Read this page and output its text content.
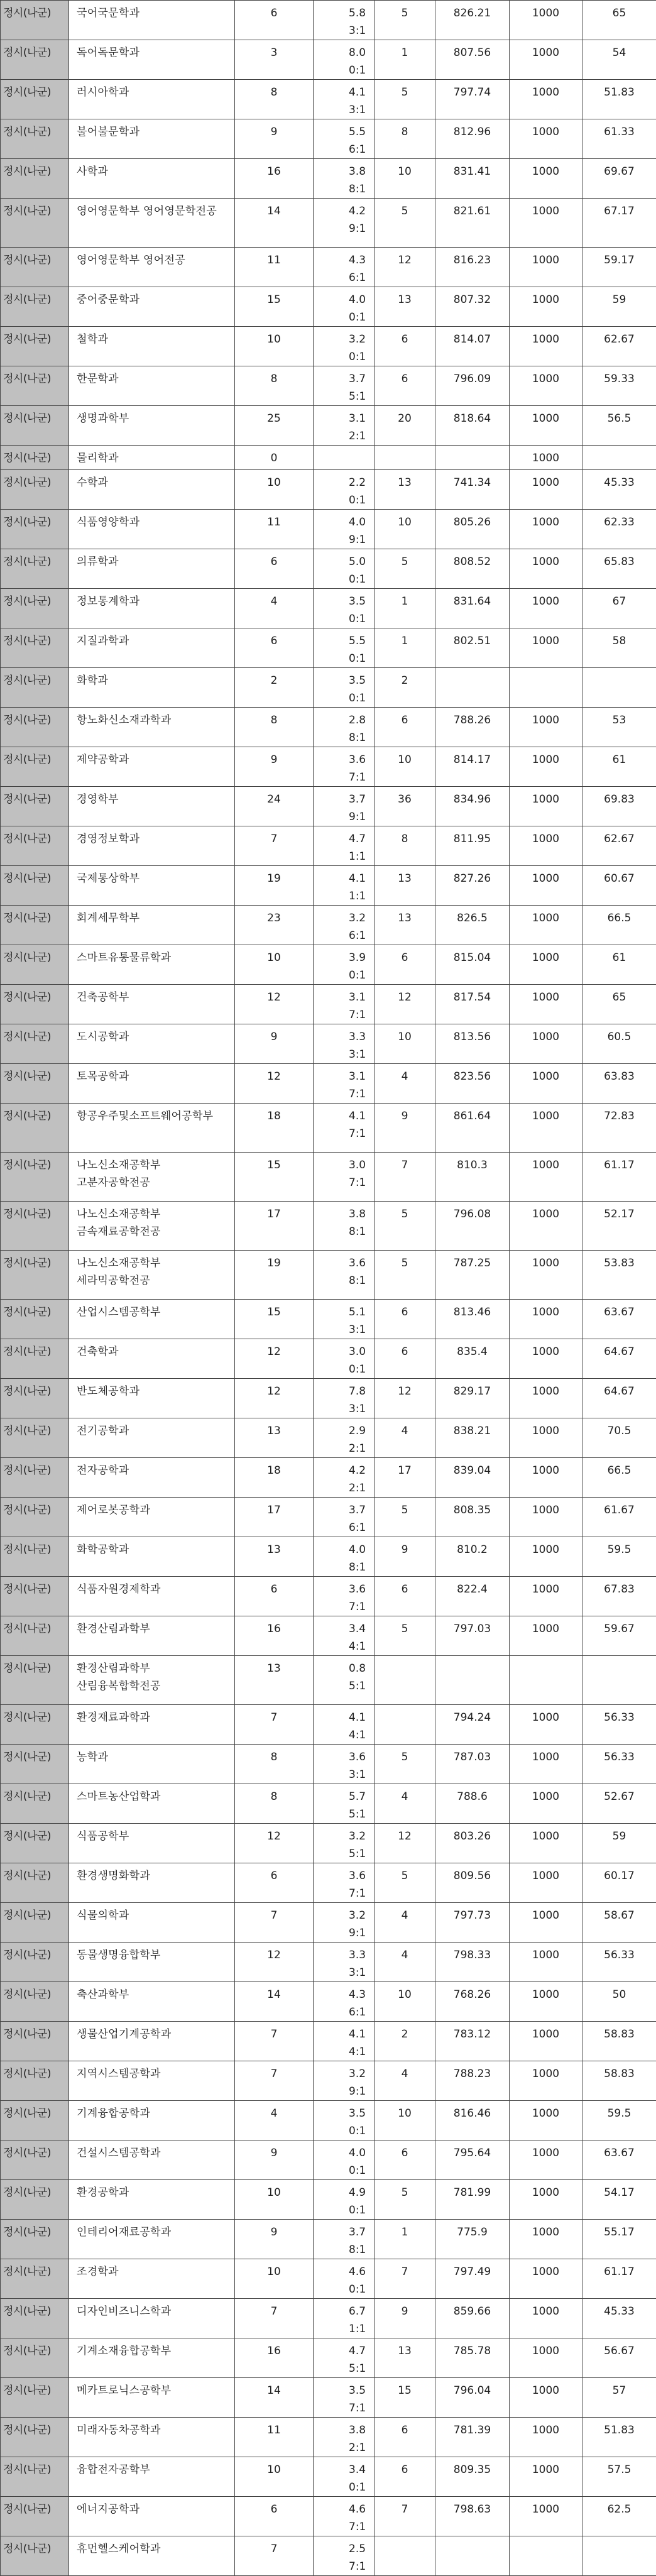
정시(나군)	국어국문학과	6	5.83:1	5	826.21	1000	65
정시(나군)	독어독문학과	3	8.00:1	1	807.56	1000	54
정시(나군)	러시아학과	8	4.13:1	5	797.74	1000	51.83
정시(나군)	불어불문학과	9	5.56:1	8	812.96	1000	61.33
정시(나군)	사학과	16	3.88:1	10	831.41	1000	69.67
정시(나군)	영어영문학부 영어영문학전공	14	4.29:1	5	821.61	1000	67.17
정시(나군)	영어영문학부 영어전공	11	4.36:1	12	816.23	1000	59.17
정시(나군)	중어중문학과	15	4.00:1	13	807.32	1000	59
정시(나군)	철학과	10	3.20:1	6	814.07	1000	62.67
정시(나군)	한문학과	8	3.75:1	6	796.09	1000	59.33
정시(나군)	생명과학부	25	3.12:1	20	818.64	1000	56.5
정시(나군)	물리학과	0				1000	
정시(나군)	수학과	10	2.20:1	13	741.34	1000	45.33
정시(나군)	식품영양학과	11	4.09:1	10	805.26	1000	62.33
정시(나군)	의류학과	6	5.00:1	5	808.52	1000	65.83
정시(나군)	정보통계학과	4	3.50:1	1	831.64	1000	67
정시(나군)	지질과학과	6	5.50:1	1	802.51	1000	58
정시(나군)	화학과	2	3.50:1	2			
정시(나군)	항노화신소재과학과	8	2.88:1	6	788.26	1000	53
정시(나군)	제약공학과	9	3.67:1	10	814.17	1000	61
정시(나군)	경영학부	24	3.79:1	36	834.96	1000	69.83
정시(나군)	경영정보학과	7	4.71:1	8	811.95	1000	62.67
정시(나군)	국제통상학부	19	4.11:1	13	827.26	1000	60.67
정시(나군)	회계세무학부	23	3.26:1	13	826.5	1000	66.5
정시(나군)	스마트유통물류학과	10	3.90:1	6	815.04	1000	61
정시(나군)	건축공학부	12	3.17:1	12	817.54	1000	65
정시(나군)	도시공학과	9	3.33:1	10	813.56	1000	60.5
정시(나군)	토목공학과	12	3.17:1	4	823.56	1000	63.83
정시(나군)	항공우주및소프트웨어공학부	18	4.17:1	9	861.64	1000	72.83
정시(나군)	나노신소재공학부 고분자공학전공	15	3.07:1	7	810.3	1000	61.17
정시(나군)	나노신소재공학부 금속재료공학전공	17	3.88:1	5	796.08	1000	52.17
정시(나군)	나노신소재공학부 세라믹공학전공	19	3.68:1	5	787.25	1000	53.83
정시(나군)	산업시스템공학부	15	5.13:1	6	813.46	1000	63.67
정시(나군)	건축학과	12	3.00:1	6	835.4	1000	64.67
정시(나군)	반도체공학과	12	7.83:1	12	829.17	1000	64.67
정시(나군)	전기공학과	13	2.92:1	4	838.21	1000	70.5
정시(나군)	전자공학과	18	4.22:1	17	839.04	1000	66.5
정시(나군)	제어로봇공학과	17	3.76:1	5	808.35	1000	61.67
정시(나군)	화학공학과	13	4.08:1	9	810.2	1000	59.5
정시(나군)	식품자원경제학과	6	3.67:1	6	822.4	1000	67.83
정시(나군)	환경산림과학부	16	3.44:1	5	797.03	1000	59.67
정시(나군)	환경산림과학부 산림융복합학전공	13	0.85:1				
정시(나군)	환경재료과학과	7	4.14:1		794.24	1000	56.33
정시(나군)	농학과	8	3.63:1	5	787.03	1000	56.33
정시(나군)	스마트농산업학과	8	5.75:1	4	788.6	1000	52.67
정시(나군)	식품공학부	12	3.25:1	12	803.26	1000	59
정시(나군)	환경생명화학과	6	3.67:1	5	809.56	1000	60.17
정시(나군)	식물의학과	7	3.29:1	4	797.73	1000	58.67
정시(나군)	동물생명융합학부	12	3.33:1	4	798.33	1000	56.33
정시(나군)	축산과학부	14	4.36:1	10	768.26	1000	50
정시(나군)	생물산업기계공학과	7	4.14:1	2	783.12	1000	58.83
정시(나군)	지역시스템공학과	7	3.29:1	4	788.23	1000	58.83
정시(나군)	기계융합공학과	4	3.50:1	10	816.46	1000	59.5
정시(나군)	건설시스템공학과	9	4.00:1	6	795.64	1000	63.67
정시(나군)	환경공학과	10	4.90:1	5	781.99	1000	54.17
정시(나군)	인테리어재료공학과	9	3.78:1	1	775.9	1000	55.17
정시(나군)	조경학과	10	4.60:1	7	797.49	1000	61.17
정시(나군)	디자인비즈니스학과	7	6.71:1	9	859.66	1000	45.33
정시(나군)	기계소재융합공학부	16	4.75:1	13	785.78	1000	56.67
정시(나군)	메카트로닉스공학부	14	3.57:1	15	796.04	1000	57
정시(나군)	미래자동차공학과	11	3.82:1	6	781.39	1000	51.83
정시(나군)	융합전자공학부	10	3.40:1	6	809.35	1000	57.5
정시(나군)	에너지공학과	6	4.67:1	7	798.63	1000	62.5
정시(나군)	휴먼헬스케어학과	7	2.57:1				
